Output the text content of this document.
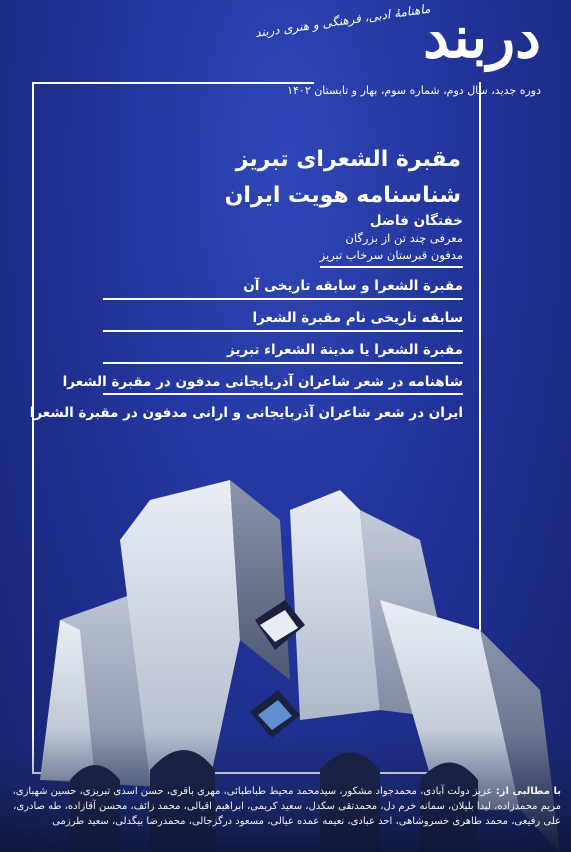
دربند
ماهنامهٔ ادبی، فرهنگی و هنری دربند
دوره جدید، سال دوم، شماره سوم، بهار و تابستان ۱۴۰۲
مقبرة الشعرای تبریز
شناسنامه هویت ایران
خفتگان فاضل
معرفی چند تن از بزرگان
مدفون قبرستان سرخاب تبریز
مقبرة الشعرا و سابقه تاریخی آن
سابقه تاریخی نام مقبرة الشعرا
مقبرة الشعرا یا مدینة الشعراء تبریز
شاهنامه در شعر شاعران آذربایجانی مدفون در مقبرة الشعرا
ایران در شعر شاعران آذربایجانی و ارانی مدفون در مقبرة الشعرا
با مطالبی از: عزیز دولت آبادی، محمدجواد مشکور، سیدمحمد محیط طباطبائی، مهری باقری، حسن اسدی تبریزی، حسین شهبازی، مریم محمدزاده، لیدا بلیلان، سمانه خرم دل، محمدتقی سکدل، سعید کریمی، ابراهیم اقبالی، محمد زائف، محسن آقازاده، طه صادری، علی رفیعی، محمد طاهری خسروشاهی، احد عبادی، نعیمه عمده عیالی، مسعود درگزجالی، محمدرضا بیگدلی، سعید طرزمی
